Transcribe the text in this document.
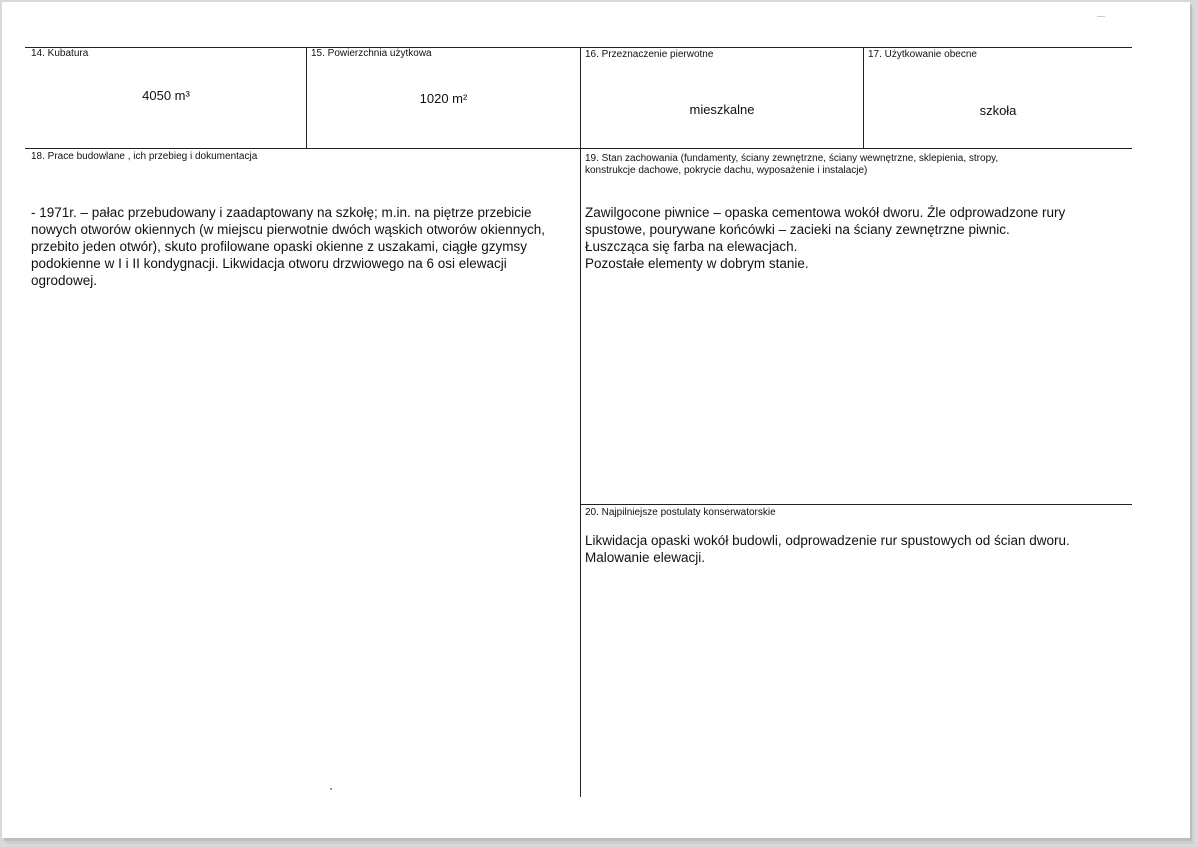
14. Kubatura
4050 m³
15. Powierzchnia użytkowa
1020 m²
16. Przeznaczenie pierwotne
mieszkalne
17. Użytkowanie obecne
szkoła
18. Prace budowlane , ich przebieg i dokumentacja
- 1971r. – pałac przebudowany i zaadaptowany na szkołę; m.in. na piętrze przebicie
nowych otworów okiennych (w miejscu pierwotnie dwóch wąskich otworów okiennych,
przebito jeden otwór), skuto profilowane opaski okienne z uszakami, ciągłe gzymsy
podokienne w I i II kondygnacji. Likwidacja otworu drzwiowego na 6 osi elewacji
ogrodowej.
19. Stan zachowania (fundamenty, ściany zewnętrzne, ściany wewnętrzne, sklepienia, stropy,
konstrukcje dachowe, pokrycie dachu, wyposażenie i instalacje)
Zawilgocone piwnice – opaska cementowa wokół dworu. Źle odprowadzone rury
spustowe, pourywane końcówki – zacieki na ściany zewnętrzne piwnic.
Łuszcząca się farba na elewacjach.
Pozostałe elementy w dobrym stanie.
20. Najpilniejsze postulaty konserwatorskie
Likwidacja opaski wokół budowli, odprowadzenie rur spustowych od ścian dworu.
Malowanie elewacji.
